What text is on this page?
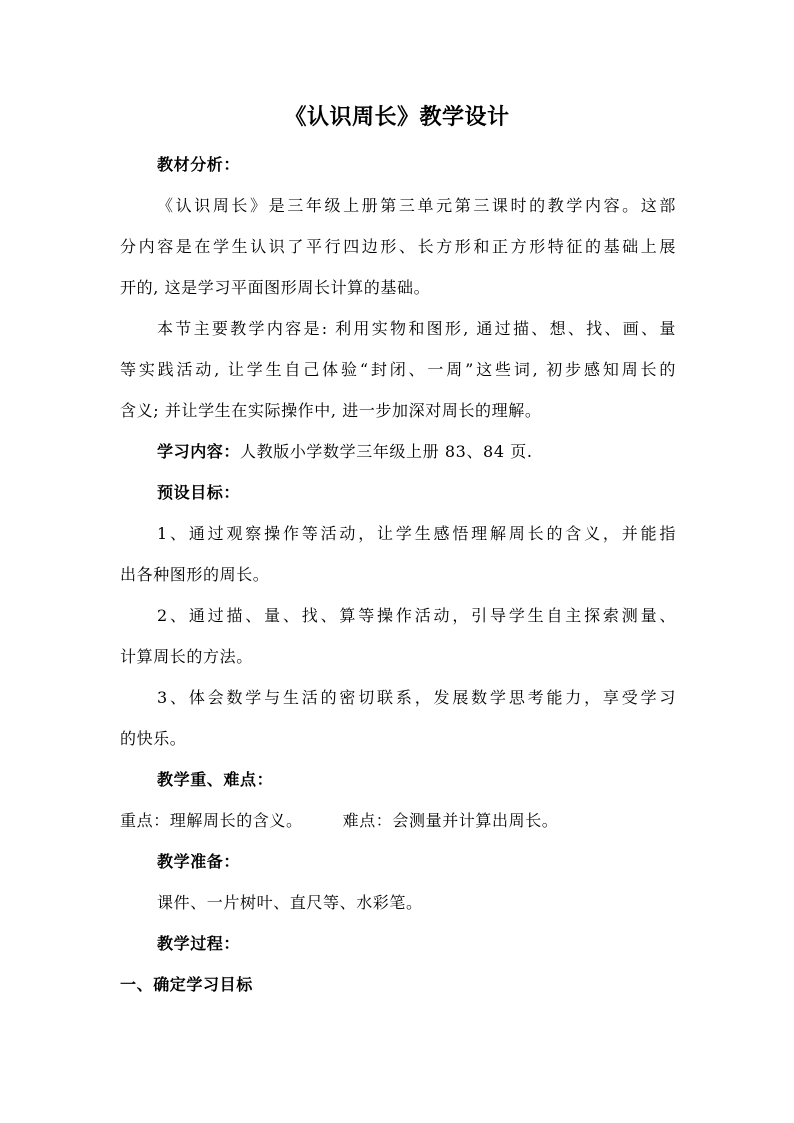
《认识周长》教学设计
教材分析：
《认识周长》是三年级上册第三单元第三课时的教学内容。这部
分内容是在学生认识了平行四边形、长方形和正方形特征的基础上展
开的, 这是学习平面图形周长计算的基础。
本节主要教学内容是: 利用实物和图形, 通过描、想、找、画、量
等实践活动, 让学生自己体验“封闭、一周”这些词, 初步感知周长的
含义; 并让学生在实际操作中, 进一步加深对周长的理解。
学习内容：人教版小学数学三年级上册 83、84 页.
预设目标：
1、通过观察操作等活动，让学生感悟理解周长的含义，并能指
出各种图形的周长。
2、通过描、量、找、算等操作活动，引导学生自主探索测量、
计算周长的方法。
3、体会数学与生活的密切联系，发展数学思考能力，享受学习
的快乐。
教学重、难点：
重点：理解周长的含义。	难点：会测量并计算出周长。
教学准备：
课件、一片树叶、直尺等、水彩笔。
教学过程：
一、确定学习目标
